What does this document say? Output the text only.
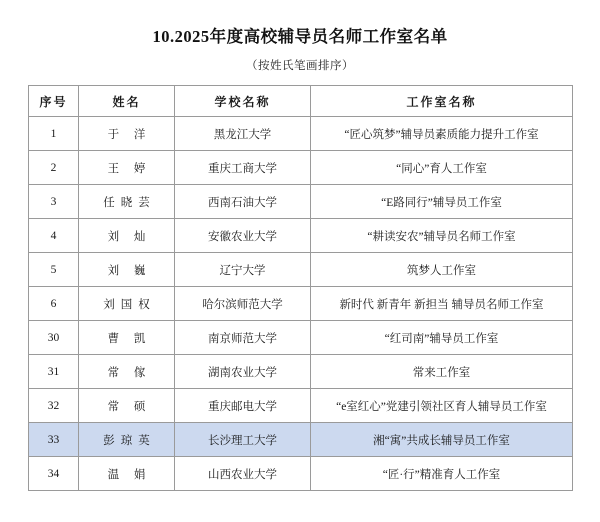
10.2025年度高校辅导员名师工作室名单
（按姓氏笔画排序）
序号	姓名	学校名称	工作室名称
1	于 洋	黑龙江大学	“匠心筑梦”辅导员素质能力提升工作室
2	王 婷	重庆工商大学	“同心”育人工作室
3	任晓芸	西南石油大学	“E路同行”辅导员工作室
4	刘 灿	安徽农业大学	“耕读安农”辅导员名师工作室
5	刘 巍	辽宁大学	筑梦人工作室
6	刘国权	哈尔滨师范大学	新时代 新青年 新担当 辅导员名师工作室
30	曹 凯	南京师范大学	“红司南”辅导员工作室
31	常 傢	湖南农业大学	常来工作室
32	常 硕	重庆邮电大学	“e室红心”党建引领社区育人辅导员工作室
33	彭琼英	长沙理工大学	湘“寓”共成长辅导员工作室
34	温 娟	山西农业大学	“匠·行”精准育人工作室
